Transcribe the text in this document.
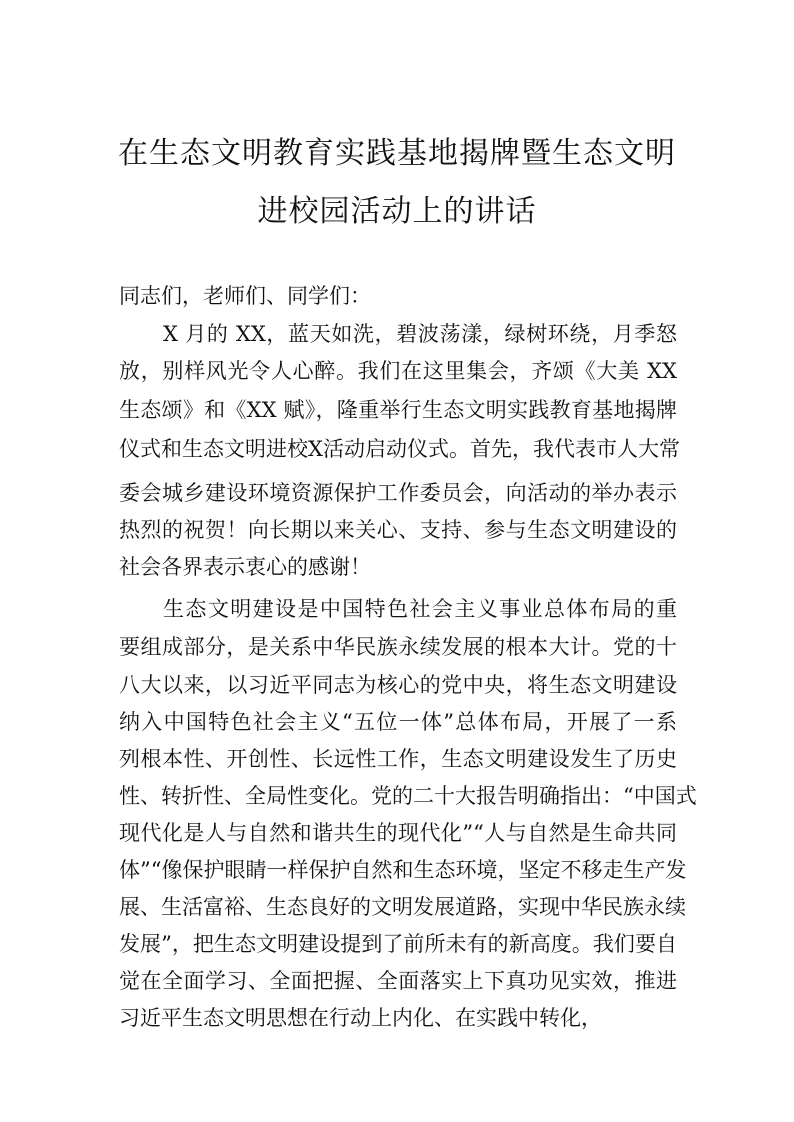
在生态文明教育实践基地揭牌暨生态文明
进校园活动上的讲话
同志们，老师们、同学们：
X 月的 XX，蓝天如洗，碧波荡漾，绿树环绕，月季怒
放，别样风光令人心醉。我们在这里集会，齐颂《大美 XX
生态颂》和《XX 赋》，隆重举行生态文明实践教育基地揭牌
仪式和生态文明进校X活动启动仪式。首先，我代表市人大常
委会城乡建设环境资源保护工作委员会，向活动的举办表示
热烈的祝贺！向长期以来关心、支持、参与生态文明建设的
社会各界表示衷心的感谢！
生态文明建设是中国特色社会主义事业总体布局的重
要组成部分，是关系中华民族永续发展的根本大计。党的十
八大以来，以习近平同志为核心的党中央，将生态文明建设
纳入中国特色社会主义“五位一体”总体布局，开展了一系
列根本性、开创性、长远性工作，生态文明建设发生了历史
性、转折性、全局性变化。党的二十大报告明确指出：“中国式
现代化是人与自然和谐共生的现代化”“人与自然是生命共同
体”“像保护眼睛一样保护自然和生态环境，坚定不移走生产发
展、生活富裕、生态良好的文明发展道路，实现中华民族永续
发展”，把生态文明建设提到了前所未有的新高度。我们要自
觉在全面学习、全面把握、全面落实上下真功见实效，推进
习近平生态文明思想在行动上内化、在实践中转化，
